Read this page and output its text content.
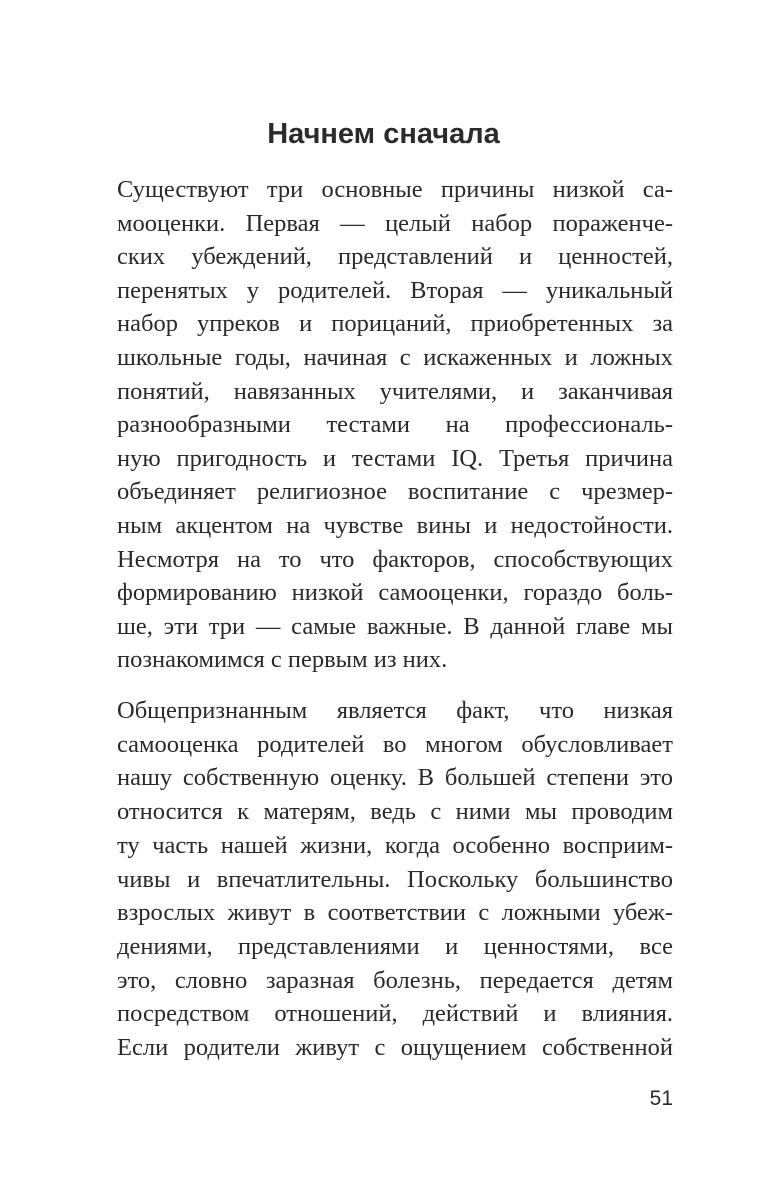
Начнем сначала
Существуют три основные причины низкой са-
мооценки. Первая — целый набор пораженче-
ских убеждений, представлений и ценностей,
перенятых у родителей. Вторая — уникальный
набор упреков и порицаний, приобретенных за
школьные годы, начиная с искаженных и ложных
понятий, навязанных учителями, и заканчивая
разнообразными тестами на профессиональ-
ную пригодность и тестами IQ. Третья причина
объединяет религиозное воспитание с чрезмер-
ным акцентом на чувстве вины и недостойности.
Несмотря на то что факторов, способствующих
формированию низкой самооценки, гораздо боль-
ше, эти три — самые важные. В данной главе мы
познакомимся с первым из них.
Общепризнанным является факт, что низкая
самооценка родителей во многом обусловливает
нашу собственную оценку. В большей степени это
относится к матерям, ведь с ними мы проводим
ту часть нашей жизни, когда особенно восприим-
чивы и впечатлительны. Поскольку большинство
взрослых живут в соответствии с ложными убеж-
дениями, представлениями и ценностями, все
это, словно заразная болезнь, передается детям
посредством отношений, действий и влияния.
Если родители живут с ощущением собственной
51
